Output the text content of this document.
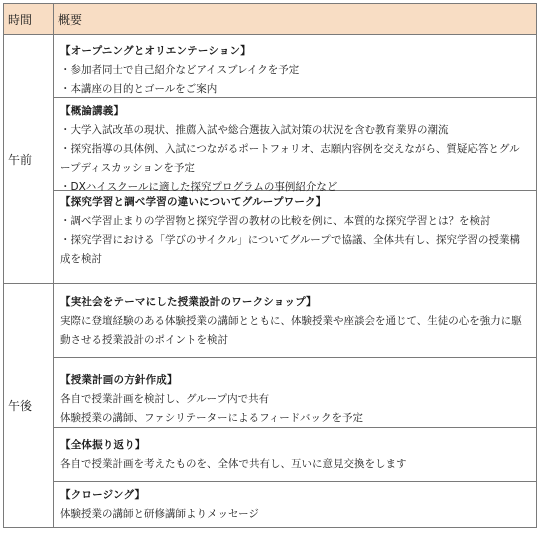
時間	概要
午前	【オープニングとオリエンテーション】
・ 参加者同士で自己紹介などアイスブレイクを予定
・ 本講座の目的とゴールをご案内

	【概論講義】
・ 大学入試改革の現状、推薦入試や総合選抜入試対策の状況を含む教育業界の潮流
・ 探究指導の具体例、入試につながるポートフォリオ、志願内容例を交えながら、質疑応答とグループディスカッションを予定
・ DXハイスクールに適した探究プログラムの事例紹介など

	【探究学習と調べ学習の違いについてグループワーク】
・ 調べ学習止まりの学習物と探究学習の教材の比較を例に、本質的な探究学習とは？を検討
・ 探究学習における「学びのサイクル」についてグループで協議、全体共有し、探究学習の授業構成を検討

午後	【実社会をテーマにした授業設計のワークショップ】
実際に登壇経験のある体験授業の講師とともに、体験授業や座談会を通じて、生徒の心を強力に駆動させる授業設計のポイントを検討

	【授業計画の方針作成】
各自で授業計画を検討し、グループ内で共有
体験授業の講師、ファシリテーターによるフィードバックを予定

	【全体振り返り】
各自で授業計画を考えたものを、全体で共有し、互いに意見交換をします

	【クロージング】
体験授業の講師と研修講師よりメッセージ
